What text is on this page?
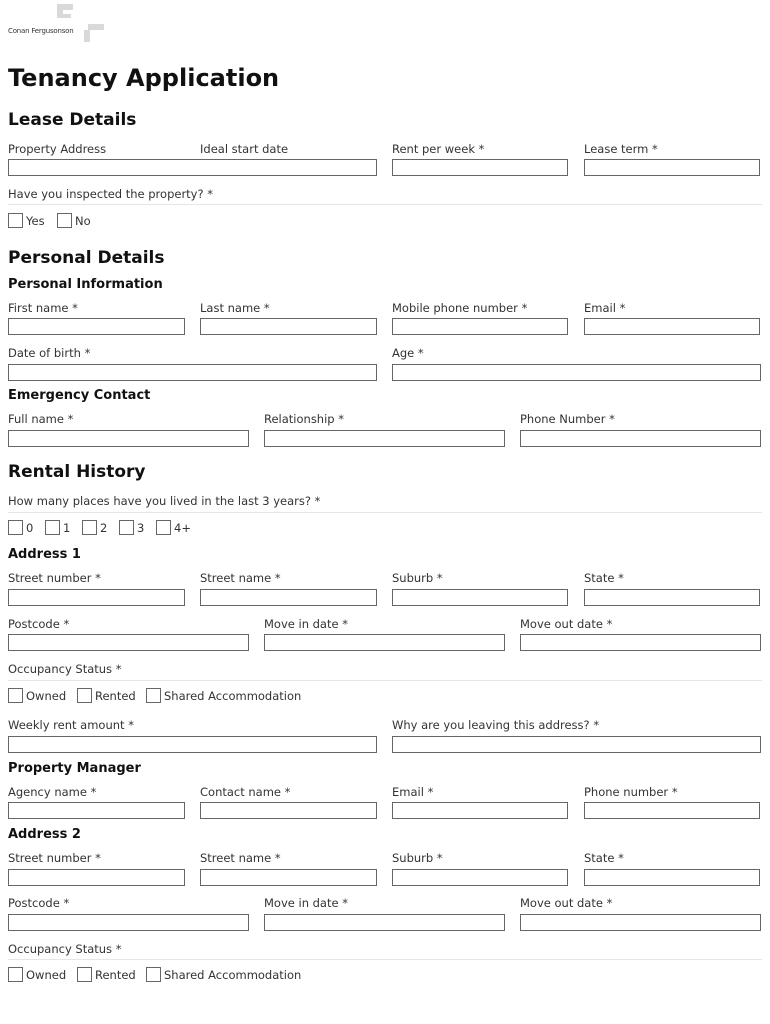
Conan Fergusonson
Tenancy Application
Lease Details
Property Address	Ideal start date	Rent per week *	Lease term *
Have you inspected the property? *
Yes	No
Personal Details
Personal Information
First name *	Last name *	Mobile phone number *	Email *
Date of birth *	Age *
Emergency Contact
Full name *	Relationship *	Phone Number *
Rental History
How many places have you lived in the last 3 years? *
0	1	2	3	4+
Address 1
Street number *	Street name *	Suburb *	State *
Postcode *	Move in date *	Move out date *
Occupancy Status *
Owned	Rented Shared Accommodation
Weekly rent amount *	Why are you leaving this address? *
Property Manager
Agency name *	Contact name *	Email *	Phone number *
Address 2
Street number *	Street name *	Suburb *	State *
Postcode *	Move in date *	Move out date *
Occupancy Status *
Owned	Rented Shared Accommodation
